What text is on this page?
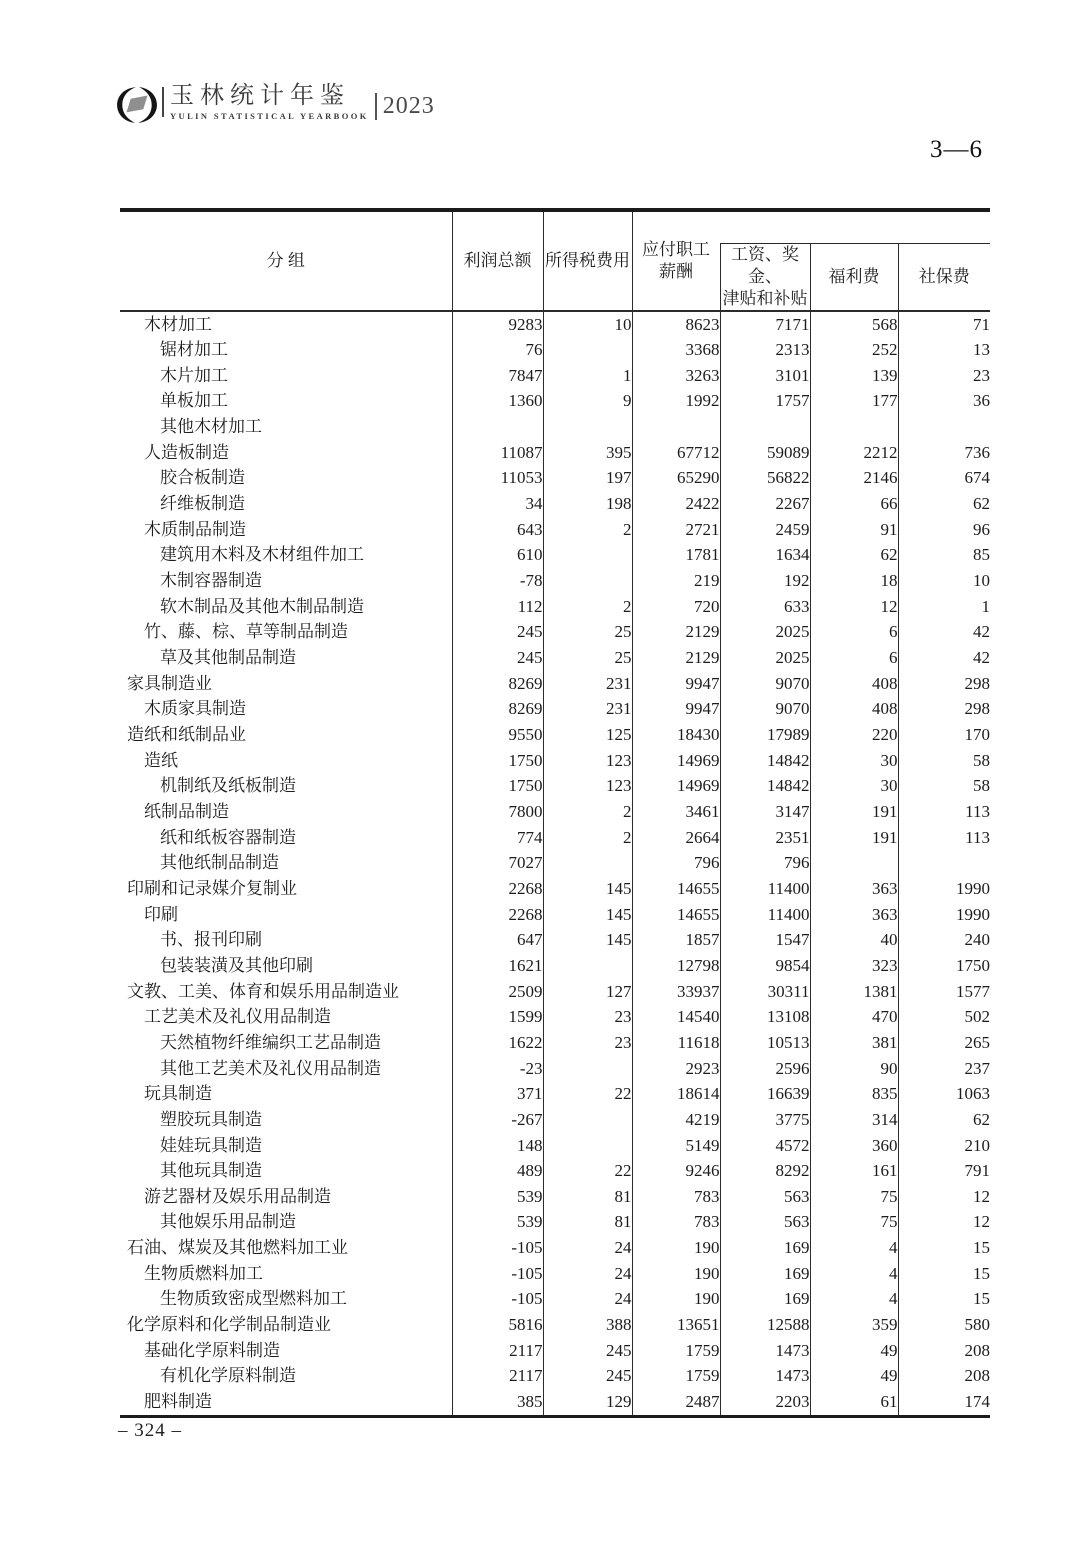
玉林统计年鉴
YULIN STATISTICAL YEARBOOK 2023
3—6
分 组	利润总额	所得税费用	应付职工
薪酬			

				工资、奖金、
津贴和补贴	福利费	社保费
木材加工	9283	10	8623	7171	568	71
锯材加工	76		3368	2313	252	13
木片加工	7847	1	3263	3101	139	23
单板加工	1360	9	1992	1757	177	36
其他木材加工						
人造板制造	11087	395	67712	59089	2212	736
胶合板制造	11053	197	65290	56822	2146	674
纤维板制造	34	198	2422	2267	66	62
木质制品制造	643	2	2721	2459	91	96
建筑用木料及木材组件加工	610		1781	1634	62	85
木制容器制造	-78		219	192	18	10
软木制品及其他木制品制造	112	2	720	633	12	1
竹、藤、棕、草等制品制造	245	25	2129	2025	6	42
草及其他制品制造	245	25	2129	2025	6	42
家具制造业	8269	231	9947	9070	408	298
木质家具制造	8269	231	9947	9070	408	298
造纸和纸制品业	9550	125	18430	17989	220	170
造纸	1750	123	14969	14842	30	58
机制纸及纸板制造	1750	123	14969	14842	30	58
纸制品制造	7800	2	3461	3147	191	113
纸和纸板容器制造	774	2	2664	2351	191	113
其他纸制品制造	7027		796	796		
印刷和记录媒介复制业	2268	145	14655	11400	363	1990
印刷	2268	145	14655	11400	363	1990
书、报刊印刷	647	145	1857	1547	40	240
包装装潢及其他印刷	1621		12798	9854	323	1750
文教、工美、体育和娱乐用品制造业	2509	127	33937	30311	1381	1577
工艺美术及礼仪用品制造	1599	23	14540	13108	470	502
天然植物纤维编织工艺品制造	1622	23	11618	10513	381	265
其他工艺美术及礼仪用品制造	-23		2923	2596	90	237
玩具制造	371	22	18614	16639	835	1063
塑胶玩具制造	-267		4219	3775	314	62
娃娃玩具制造	148		5149	4572	360	210
其他玩具制造	489	22	9246	8292	161	791
游艺器材及娱乐用品制造	539	81	783	563	75	12
其他娱乐用品制造	539	81	783	563	75	12
石油、煤炭及其他燃料加工业	-105	24	190	169	4	15
生物质燃料加工	-105	24	190	169	4	15
生物质致密成型燃料加工	-105	24	190	169	4	15
化学原料和化学制品制造业	5816	388	13651	12588	359	580
基础化学原料制造	2117	245	1759	1473	49	208
有机化学原料制造	2117	245	1759	1473	49	208
肥料制造	385	129	2487	2203	61	174
– 324 –
